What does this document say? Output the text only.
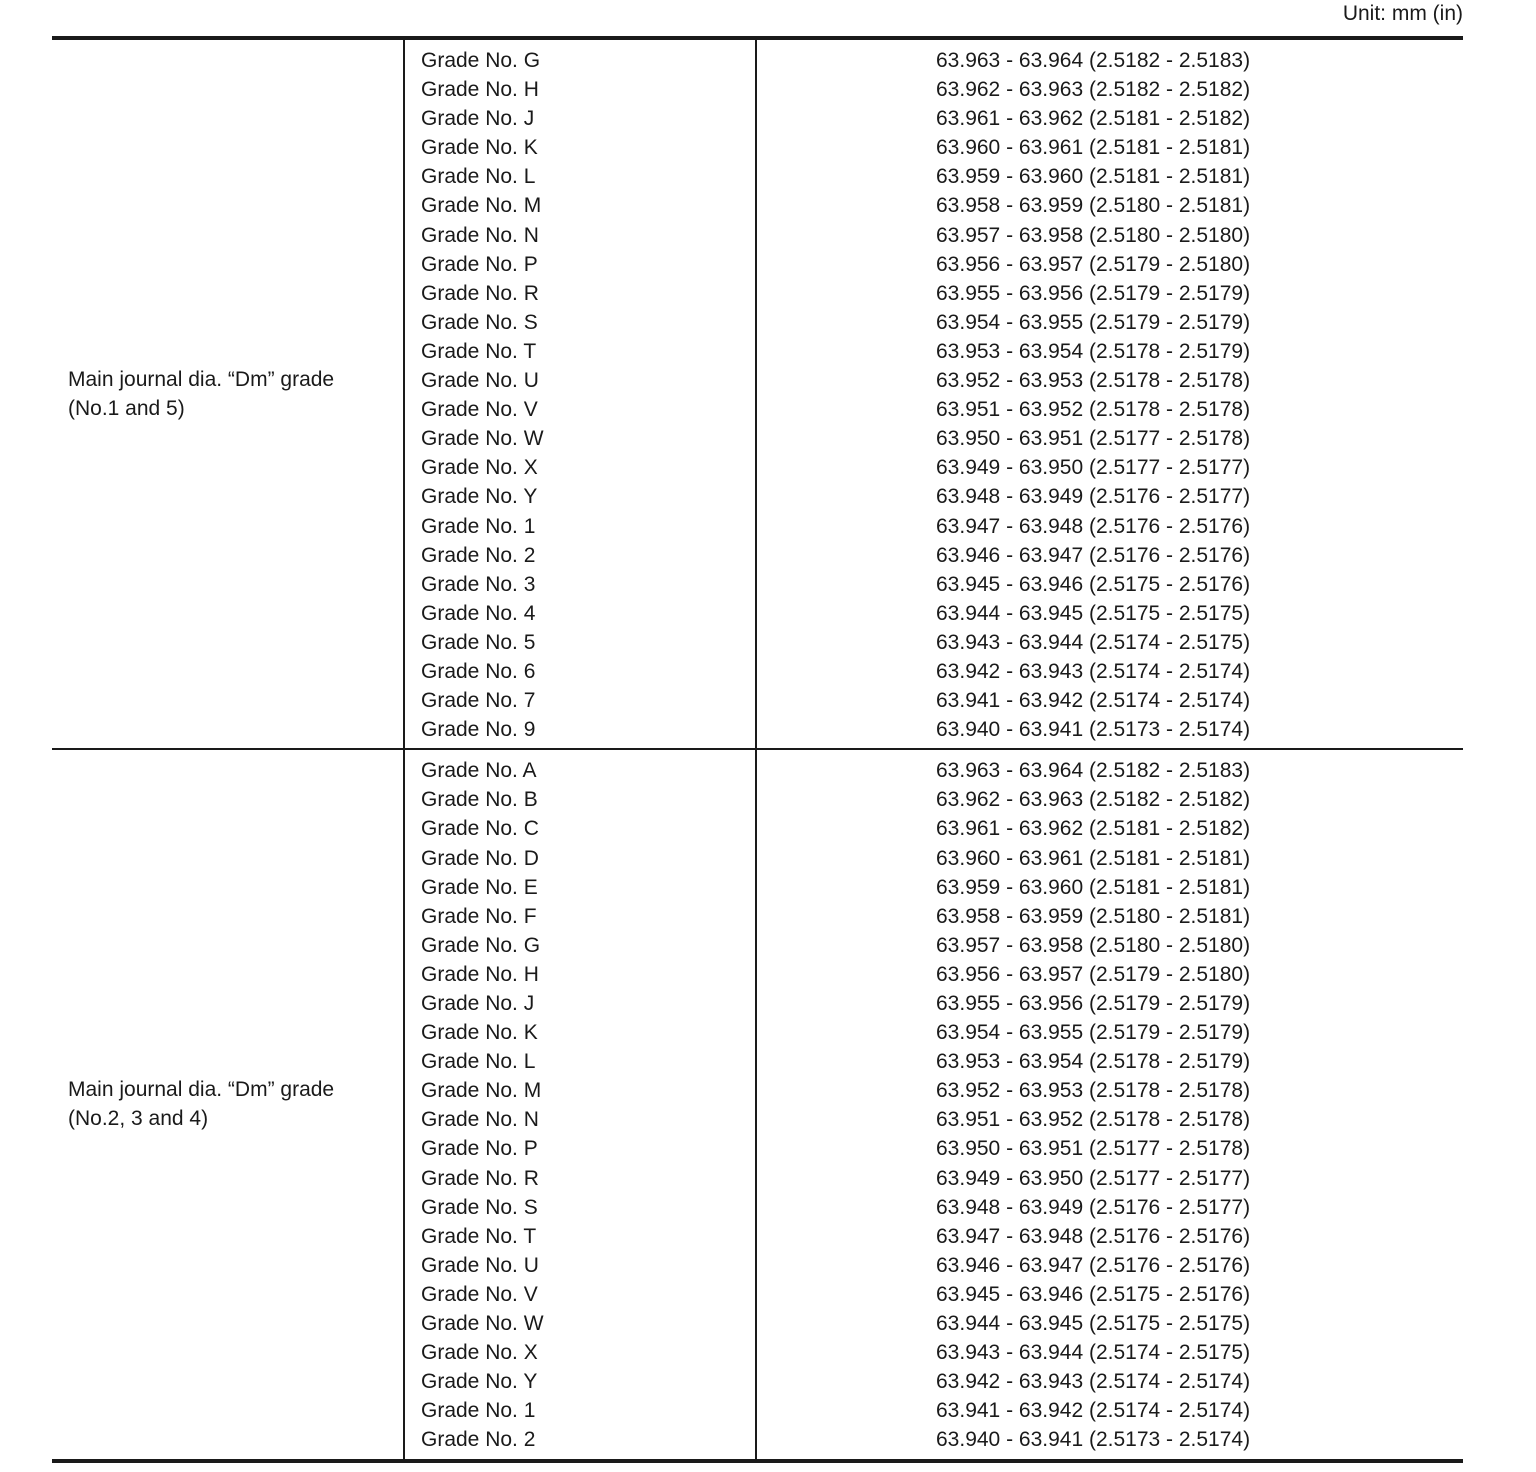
Unit: mm (in)
Main journal dia. “Dm” grade
(No.1 and 5)
Grade No. G
Grade No. H
Grade No. J
Grade No. K
Grade No. L
Grade No. M
Grade No. N
Grade No. P
Grade No. R
Grade No. S
Grade No. T
Grade No. U
Grade No. V
Grade No. W
Grade No. X
Grade No. Y
Grade No. 1
Grade No. 2
Grade No. 3
Grade No. 4
Grade No. 5
Grade No. 6
Grade No. 7
Grade No. 9
63.963 - 63.964 (2.5182 - 2.5183)
63.962 - 63.963 (2.5182 - 2.5182)
63.961 - 63.962 (2.5181 - 2.5182)
63.960 - 63.961 (2.5181 - 2.5181)
63.959 - 63.960 (2.5181 - 2.5181)
63.958 - 63.959 (2.5180 - 2.5181)
63.957 - 63.958 (2.5180 - 2.5180)
63.956 - 63.957 (2.5179 - 2.5180)
63.955 - 63.956 (2.5179 - 2.5179)
63.954 - 63.955 (2.5179 - 2.5179)
63.953 - 63.954 (2.5178 - 2.5179)
63.952 - 63.953 (2.5178 - 2.5178)
63.951 - 63.952 (2.5178 - 2.5178)
63.950 - 63.951 (2.5177 - 2.5178)
63.949 - 63.950 (2.5177 - 2.5177)
63.948 - 63.949 (2.5176 - 2.5177)
63.947 - 63.948 (2.5176 - 2.5176)
63.946 - 63.947 (2.5176 - 2.5176)
63.945 - 63.946 (2.5175 - 2.5176)
63.944 - 63.945 (2.5175 - 2.5175)
63.943 - 63.944 (2.5174 - 2.5175)
63.942 - 63.943 (2.5174 - 2.5174)
63.941 - 63.942 (2.5174 - 2.5174)
63.940 - 63.941 (2.5173 - 2.5174)
Main journal dia. “Dm” grade
(No.2, 3 and 4)
Grade No. A
Grade No. B
Grade No. C
Grade No. D
Grade No. E
Grade No. F
Grade No. G
Grade No. H
Grade No. J
Grade No. K
Grade No. L
Grade No. M
Grade No. N
Grade No. P
Grade No. R
Grade No. S
Grade No. T
Grade No. U
Grade No. V
Grade No. W
Grade No. X
Grade No. Y
Grade No. 1
Grade No. 2
63.963 - 63.964 (2.5182 - 2.5183)
63.962 - 63.963 (2.5182 - 2.5182)
63.961 - 63.962 (2.5181 - 2.5182)
63.960 - 63.961 (2.5181 - 2.5181)
63.959 - 63.960 (2.5181 - 2.5181)
63.958 - 63.959 (2.5180 - 2.5181)
63.957 - 63.958 (2.5180 - 2.5180)
63.956 - 63.957 (2.5179 - 2.5180)
63.955 - 63.956 (2.5179 - 2.5179)
63.954 - 63.955 (2.5179 - 2.5179)
63.953 - 63.954 (2.5178 - 2.5179)
63.952 - 63.953 (2.5178 - 2.5178)
63.951 - 63.952 (2.5178 - 2.5178)
63.950 - 63.951 (2.5177 - 2.5178)
63.949 - 63.950 (2.5177 - 2.5177)
63.948 - 63.949 (2.5176 - 2.5177)
63.947 - 63.948 (2.5176 - 2.5176)
63.946 - 63.947 (2.5176 - 2.5176)
63.945 - 63.946 (2.5175 - 2.5176)
63.944 - 63.945 (2.5175 - 2.5175)
63.943 - 63.944 (2.5174 - 2.5175)
63.942 - 63.943 (2.5174 - 2.5174)
63.941 - 63.942 (2.5174 - 2.5174)
63.940 - 63.941 (2.5173 - 2.5174)
